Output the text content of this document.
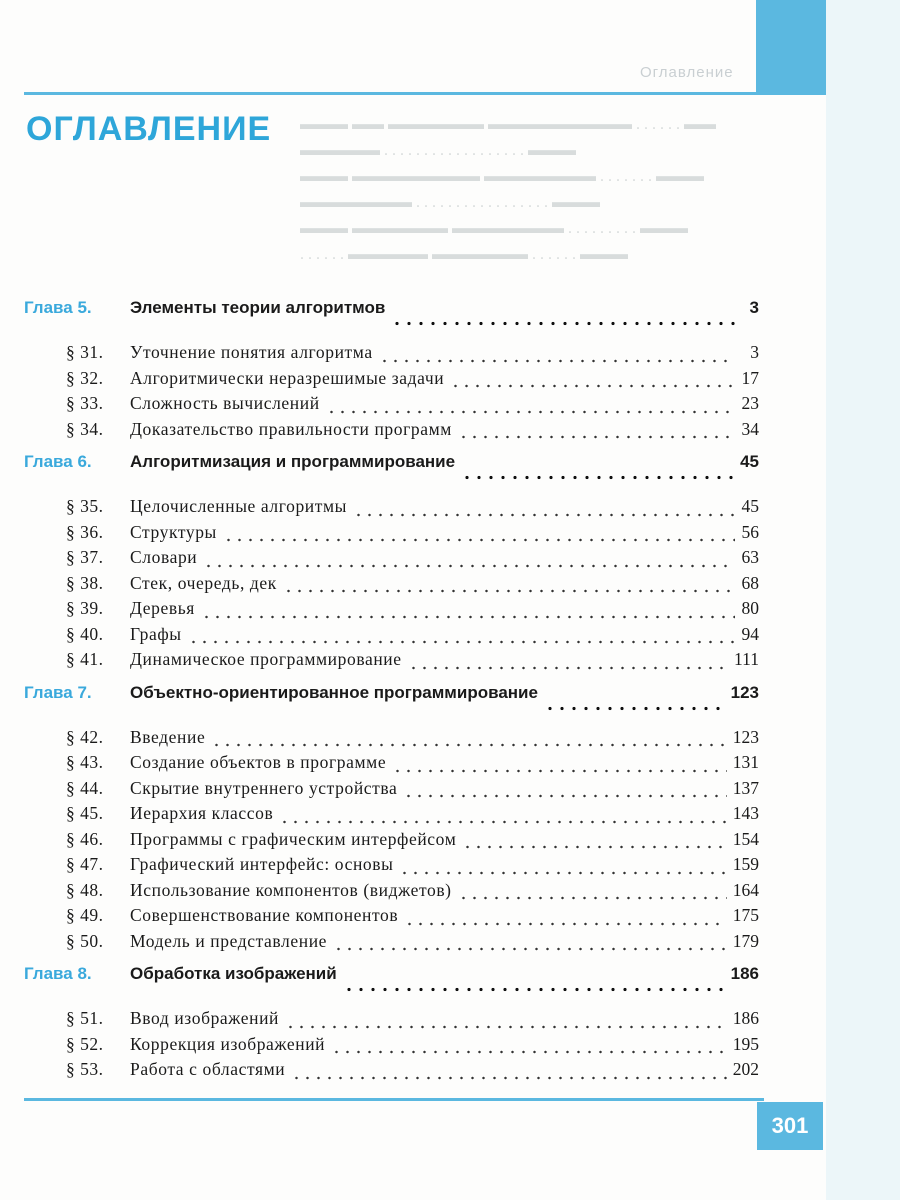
Оглавление
▬▬▬ ▬▬ ▬▬▬▬▬▬ ▬▬▬▬▬▬▬▬▬ . . . . . . ▬▬
▬▬▬▬▬ . . . . . . . . . . . . . . . . . . ▬▬▬
▬▬▬ ▬▬▬▬▬▬▬▬ ▬▬▬▬▬▬▬ . . . . . . . ▬▬▬
▬▬▬▬▬▬▬ . . . . . . . . . . . . . . . . . ▬▬▬
▬▬▬ ▬▬▬▬▬▬ ▬▬▬▬▬▬▬ . . . . . . . . . ▬▬▬
. . . . . . ▬▬▬▬▬ ▬▬▬▬▬▬ . . . . . . ▬▬▬
ОГЛАВЛЕНИЕ
Глава 5.	Элементы теории алгоритмов	3
§ 31.	Уточнение понятия алгоритма	3
§ 32.	Алгоритмически неразрешимые задачи	17
§ 33.	Сложность вычислений	23
§ 34.	Доказательство правильности программ	34
Глава 6.	Алгоритмизация и программирование	45
§ 35.	Целочисленные алгоритмы	45
§ 36.	Структуры	56
§ 37.	Словари	63
§ 38.	Стек, очередь, дек	68
§ 39.	Деревья	80
§ 40.	Графы	94
§ 41.	Динамическое программирование	111
Глава 7.	Объектно-ориентированное программирование	123
§ 42.	Введение	123
§ 43.	Создание объектов в программе	131
§ 44.	Скрытие внутреннего устройства	137
§ 45.	Иерархия классов	143
§ 46.	Программы с графическим интерфейсом	154
§ 47.	Графический интерфейс: основы	159
§ 48.	Использование компонентов (виджетов)	164
§ 49.	Совершенствование компонентов	175
§ 50.	Модель и представление	179
Глава 8.	Обработка изображений	186
§ 51.	Ввод изображений	186
§ 52.	Коррекция изображений	195
§ 53.	Работа с областями	202
301
